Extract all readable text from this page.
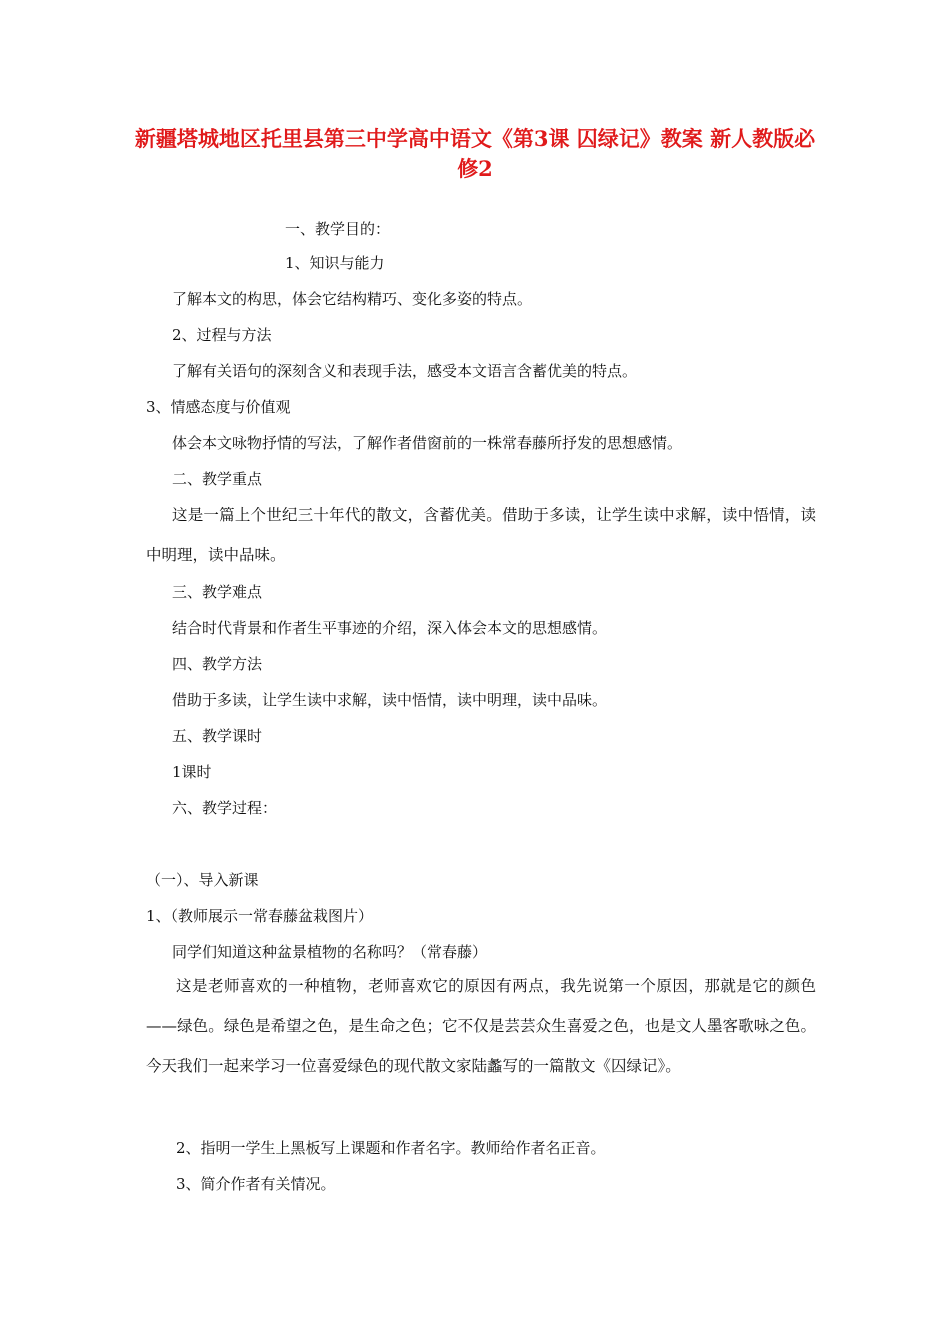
新疆塔城地区托里县第三中学高中语文《第3课 囚绿记》教案 新人教版必修2
一、教学目的：
1、知识与能力
了解本文的构思，体会它结构精巧、变化多姿的特点。
2、过程与方法
了解有关语句的深刻含义和表现手法，感受本文语言含蓄优美的特点。
3、情感态度与价值观
体会本文咏物抒情的写法，了解作者借窗前的一株常春藤所抒发的思想感情。
二、教学重点
这是一篇上个世纪三十年代的散文，含蓄优美。借助于多读，让学生读中求解，读中悟情，读中明理，读中品味。
三、教学难点
结合时代背景和作者生平事迹的介绍，深入体会本文的思想感情。
四、教学方法
借助于多读，让学生读中求解，读中悟情，读中明理，读中品味。
五、教学课时
1课时
六、教学过程：
（一）、导入新课
1、（教师展示一常春藤盆栽图片）
同学们知道这种盆景植物的名称吗？（常春藤）
这是老师喜欢的一种植物，老师喜欢它的原因有两点，我先说第一个原因，那就是它的颜色——绿色。绿色是希望之色，是生命之色；它不仅是芸芸众生喜爱之色，也是文人墨客歌咏之色。今天我们一起来学习一位喜爱绿色的现代散文家陆蠡写的一篇散文《囚绿记》。
2、指明一学生上黑板写上课题和作者名字。教师给作者名正音。
3、简介作者有关情况。
